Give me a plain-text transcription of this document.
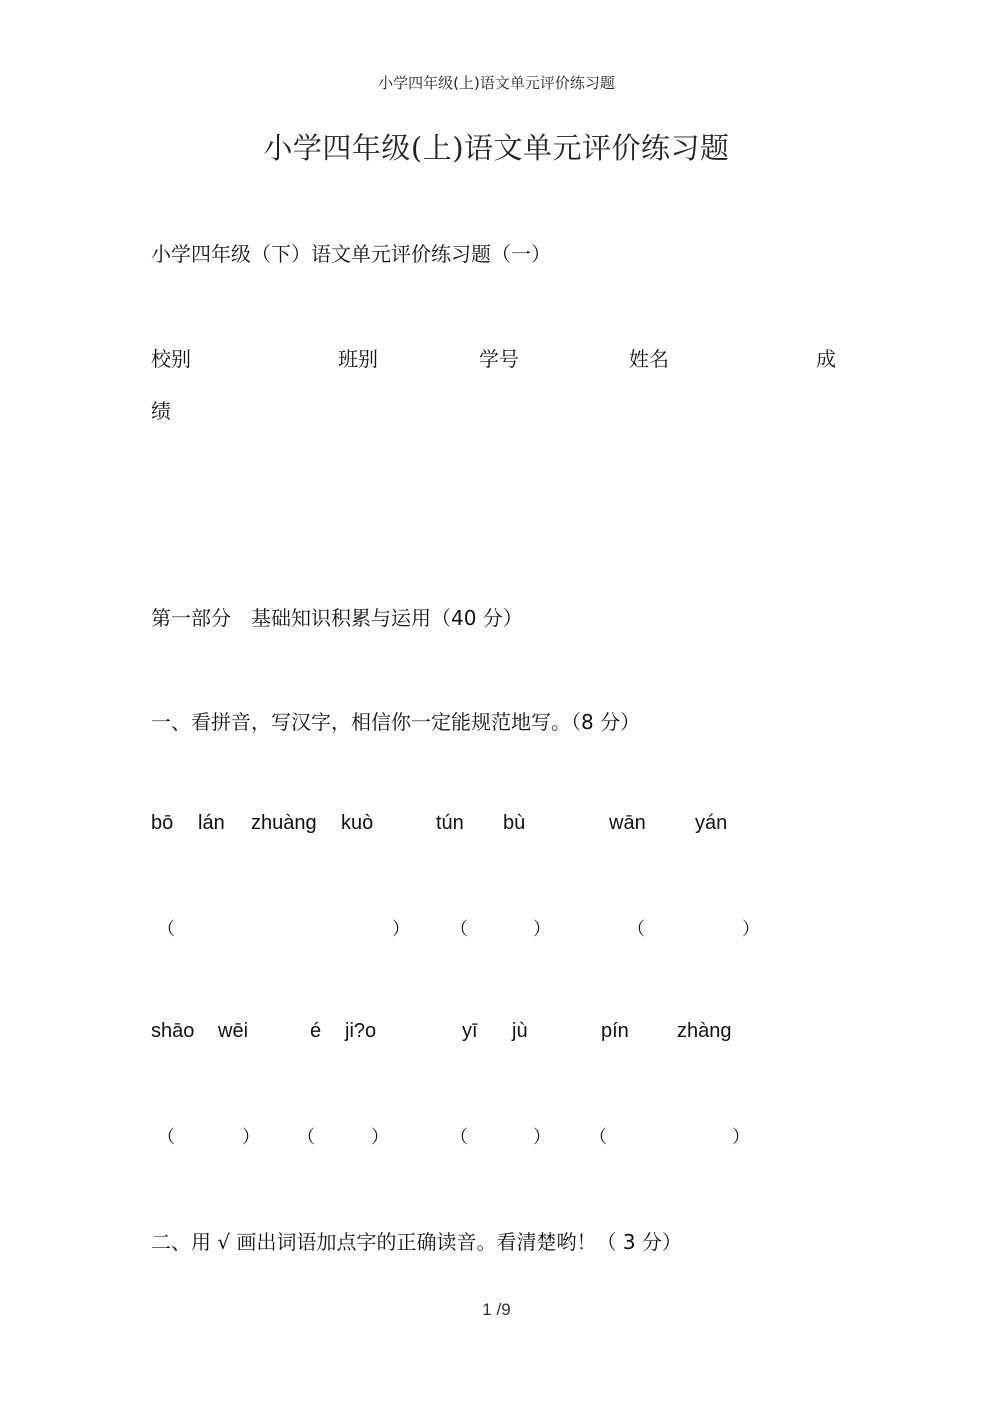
小学四年级(上)语文单元评价练习题
小学四年级(上)语文单元评价练习题
小学四年级（下）语文单元评价练习题（一）
校别	班别	学号	姓名	成
绩
第一部分　基础知识积累与运用（40 分）
一、看拼音，写汉字，相信你一定能规范地写。（8 分）
bō lán zhuàng kuò	tún bù	wān yán
（	） （	）	（	）
shāo wēi	é ji?o	yī jù	pín zhàng
（	） （	）	（	） （	）
二、用 √ 画出词语加点字的正确读音。看清楚哟！（ 3 分）
1 /9
